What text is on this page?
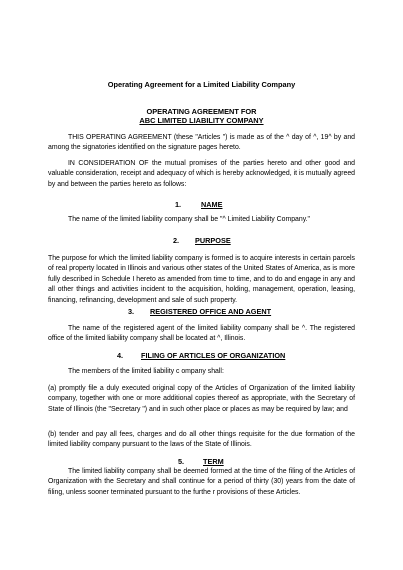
Operating Agreement for a Limited Liability Company
OPERATING AGREEMENT FOR
ABC LIMITED LIABILITY COMPANY
THIS OPERATING AGREEMENT (these "Articles ") is made as of the ^ day of ^, 19^ by and among the signatories identified on the signature pages hereto.
IN CONSIDERATION OF the mutual promises of the parties hereto and other good and valuable consideration, receipt and adequacy of which is hereby acknowledged, it is mutually agreed by and between the parties hereto as follows:
1.	NAME
The name of the limited liability company shall be "^ Limited Liability Company."
2. PURPOSE
The purpose for which the limited liability company is formed is to acquire interests in certain parcels of real property located in Illinois and various other states of the United States of America, as is more fully described in Schedule I hereto as amended from time to time, and to do and engage in any and all other things and activities incident to the acquisition, holding, management, operation, leasing, financing, refinancing, development and sale of such property.
3. REGISTERED OFFICE AND AGENT
The name of the registered agent of the limited liability company shall be ^. The registered office of the limited liability company shall be located at ^, Illinois.
4. FILING OF ARTICLES OF ORGANIZATION
The members of the limited liability c ompany shall:
(a) promptly file a duly executed original copy of the Articles of Organization of the limited liability company, together with one or more additional copies thereof as appropriate, with the Secretary of State of Illinois (the "Secretary ") and in such other place or places as may be required by law; and
(b) tender and pay all fees, charges and do all other things requisite for the due formation of the limited liability company pursuant to the laws of the State of Illinois.
5.	TERM
The limited liability company shall be deemed formed at the time of the filing of the Articles of Organization with the Secretary and shall continue for a period of thirty (30) years from the date of filing, unless sooner terminated pursuant to the furthe r provisions of these Articles.
